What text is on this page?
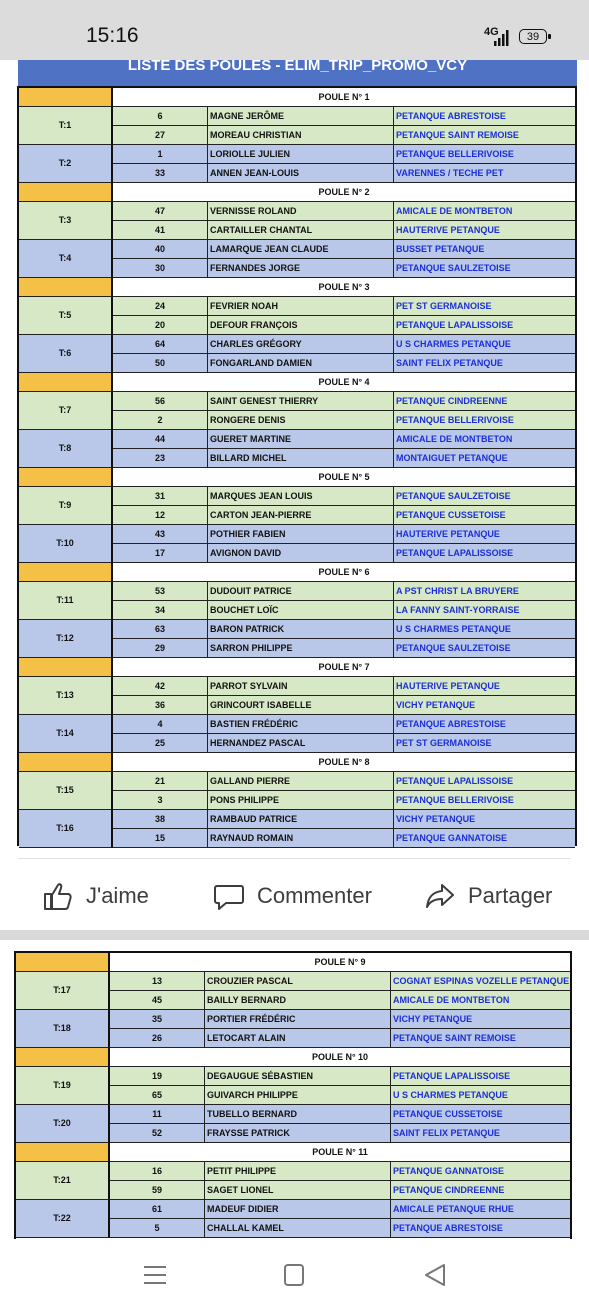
15:16	4G	39
LISTE DES POULES - ELIM_TRIP_PROMO_VCY
POULE N° 1
T:1
6	MAGNE JERÔME	PETANQUE ABRESTOISE
27	MOREAU CHRISTIAN	PETANQUE SAINT REMOISE
T:2
1	LORIOLLE JULIEN	PETANQUE BELLERIVOISE
33	ANNEN JEAN-LOUIS	VARENNES / TECHE PET
POULE N° 2
T:3
47	VERNISSE ROLAND	AMICALE DE MONTBETON
41	CARTAILLER CHANTAL	HAUTERIVE PETANQUE
T:4
40	LAMARQUE JEAN CLAUDE	BUSSET PETANQUE
30	FERNANDES JORGE	PETANQUE SAULZETOISE
POULE N° 3
T:5
24	FEVRIER NOAH	PET ST GERMANOISE
20	DEFOUR FRANÇOIS	PETANQUE LAPALISSOISE
T:6
64	CHARLES GRÉGORY	U S CHARMES PETANQUE
50	FONGARLAND DAMIEN	SAINT FELIX PETANQUE
POULE N° 4
T:7
56	SAINT GENEST THIERRY	PETANQUE CINDREENNE
2	RONGERE DENIS	PETANQUE BELLERIVOISE
T:8
44	GUERET MARTINE	AMICALE DE MONTBETON
23	BILLARD MICHEL	MONTAIGUET PETANQUE
POULE N° 5
T:9
31	MARQUES JEAN LOUIS	PETANQUE SAULZETOISE
12	CARTON JEAN-PIERRE	PETANQUE CUSSETOISE
T:10
43	POTHIER FABIEN	HAUTERIVE PETANQUE
17	AVIGNON DAVID	PETANQUE LAPALISSOISE
POULE N° 6
T:11
53	DUDOUIT PATRICE	A PST CHRIST LA BRUYERE
34	BOUCHET LOÏC	LA FANNY SAINT-YORRAISE
T:12
63	BARON PATRICK	U S CHARMES PETANQUE
29	SARRON PHILIPPE	PETANQUE SAULZETOISE
POULE N° 7
T:13
42	PARROT SYLVAIN	HAUTERIVE PETANQUE
36	GRINCOURT ISABELLE	VICHY PETANQUE
T:14
4	BASTIEN FRÉDÉRIC	PETANQUE ABRESTOISE
25	HERNANDEZ PASCAL	PET ST GERMANOISE
POULE N° 8
T:15
21	GALLAND PIERRE	PETANQUE LAPALISSOISE
3	PONS PHILIPPE	PETANQUE BELLERIVOISE
T:16
38	RAMBAUD PATRICE	VICHY PETANQUE
15	RAYNAUD ROMAIN	PETANQUE GANNATOISE
J'aime	Commenter	Partager
POULE N° 9
T:17
13	CROUZIER PASCAL	COGNAT ESPINAS VOZELLE PETANQUE
45	BAILLY BERNARD	AMICALE DE MONTBETON
T:18
35	PORTIER FRÉDÉRIC	VICHY PETANQUE
26	LETOCART ALAIN	PETANQUE SAINT REMOISE
POULE N° 10
T:19
19	DEGAUGUE SÉBASTIEN	PETANQUE LAPALISSOISE
65	GUIVARCH PHILIPPE	U S CHARMES PETANQUE
T:20
11	TUBELLO BERNARD	PETANQUE CUSSETOISE
52	FRAYSSE PATRICK	SAINT FELIX PETANQUE
POULE N° 11
T:21
16	PETIT PHILIPPE	PETANQUE GANNATOISE
59	SAGET LIONEL	PETANQUE CINDREENNE
T:22
61	MADEUF DIDIER	AMICALE PETANQUE RHUE
5	CHALLAL KAMEL	PETANQUE ABRESTOISE
